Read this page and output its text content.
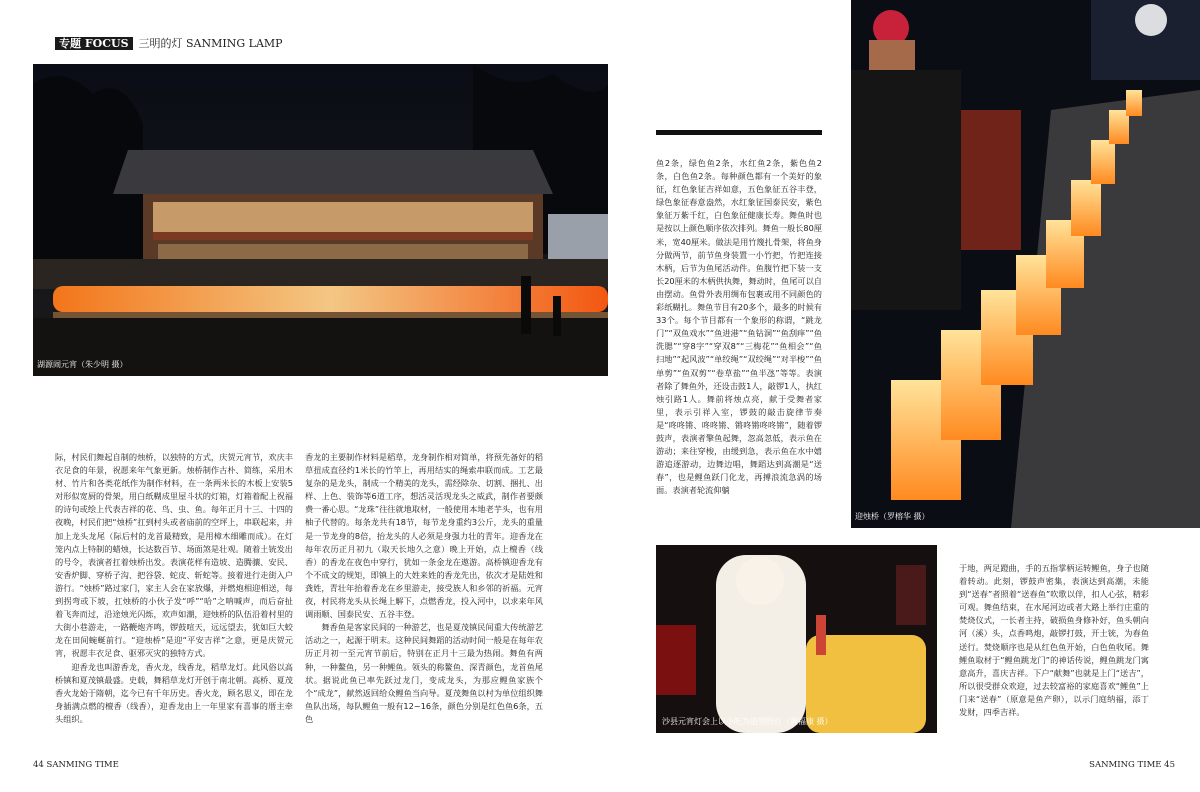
专题 FOCUS 三明的灯 SANMING LAMP
湖源闹元宵（朱少明 摄）
迎烛桥（罗榕华 摄）
沙县元宵灯会上以小吃为造型的灯（黄福康 摄）

际，村民们舞起自制的烛桥，以独特的方式，庆贺元宵节，欢庆丰衣足食的年景，祝愿来年气象更新。烛桥制作古朴、简练，采用木材、竹片和各类花纸作为制作材料，在一条两米长的木板上安装5对形似宽厨的骨架，用白纸糊成里屋斗状的灯箱，灯箱着配上祝福的诗句或绘上代表吉祥的花、鸟、虫、鱼。每年正月十三、十四的夜晚，村民们把“烛桥”扛到村头或者庙前的空坪上，串联起来，并加上龙头龙尾（际后村的龙首最精致，是用樟木细雕而成）。在灯笼内点上特制的蜡烛，长达数百节、场面煞是壮观。随着土铳发出的号令，表演者扛着烛桥出发。表演花样有造坡、造腾骧、安民、安香炉脚、穿桥子沟、把谷袋、蛇皮、斩蛇等。接着进行走街入户游行。“烛桥”路过家门，家主人会在家放爆，并燃炮相迎相送，每到拐弯或下坡，扛烛桥的小伙子发“呼”“哈”之呐喊声，而后奋扯着飞奔而过，沿途烛光闪烁，欢声如潮，迎烛桥的队伍沿着村里的大街小巷游走，一路鞭炮齐鸣，锣鼓喧天，远远望去，犹如巨大蛟龙在田间蜿蜒前行。“迎烛桥”是迎“平安吉祥”之意，更是庆贺元宵，祝愿丰衣足食、驱邪灭灾的独特方式。

迎香龙也叫游香龙，香火龙，线香龙，稻草龙灯。此风俗以高桥镇和夏茂镇最盛。史载，舞稻草龙灯开创于南北朝。高桥、夏茂香火龙始于隋朝，迄今已有千年历史。香火龙，顾名思义，即在龙身插满点燃的檀香（线香），迎香龙由上一年里家有喜事的厝主牵头组织。

香龙的主要制作材料是稻草，龙身制作相对简单，将预先备好的稻草扭成直径约1米长的竹竿上，再用结实的绳索串联而成。工艺最复杂的是龙头，制成一个精美的龙头，需经除杂、切割、捆扎、出样、上色、装饰等6道工序，想活灵活现龙头之威武，制作者要颇费一番心思。“龙珠”往往就地取材，一般使用本地老芋头，也有用柚子代替的。每条龙共有18节，每节龙身重约3公斤，龙头的重量是一节龙身的8倍，抬龙头的人必须是身强力壮的青年。迎香龙在每年农历正月初九（取天长地久之意）晚上开始，点上檀香（线香）的香龙在夜色中穿行，犹如一条金龙在遨游。高桥镇迎香龙有个不成文的规矩，即镇上的大姓来姓的香龙先出，依次才是陆姓和龚姓，青壮年抬着香龙在乡里游走，接受族人和乡邻的祈福。元宵夜，村民将龙头从长绳上解下，点燃香龙，投入河中，以求来年风调雨顺、国泰民安、五谷丰登。

舞香鱼是客家民间的一种游艺，也是夏茂镇民间重大传统游艺活动之一，起源于明末。这种民间舞蹈的活动时间一般是在每年农历正月初一至元宵节前后，特别在正月十三最为热闹。舞鱼有两种，一种鳌鱼，另一种鲤鱼。领头的称鳌鱼、深青颜色，龙首鱼尾状。据说此鱼已率先跃过龙门，变成龙头，为那应鲤鱼家族个个“成龙”，献然返回给众鲤鱼当向导。夏茂舞鱼以村为单位组织舞鱼队出场，每队鲤鱼一般有12~16条，颜色分别是红色鱼6条，五色

鱼2条，绿色鱼2条，水红鱼2条，紫色鱼2条，白色鱼2条。每种颜色都有一个美好的象征，红色象征吉祥如意，五色象征五谷丰登，绿色象征春意盎然，水红象征国泰民安，紫色象征万紫千红，白色象征健康长寿。舞鱼时也是按以上颜色顺序依次排列。舞鱼一般长80厘米，宽40厘米。做法是用竹篾扎骨架，将鱼身分做两节，前节鱼身装置一小竹把，竹把连接木柄，后节为鱼尾活动件。鱼腹竹把下装一支长20厘米的木柄供执舞，舞动时，鱼尾可以自由摆动。鱼骨外表用绸布包裹或用不同颜色的彩纸糊扎。舞鱼节目有20多个，最多的时候有33个。每个节目都有一个象形的称谓，“跳龙门”“双鱼戏水”“鱼进港”“鱼钻洞”“鱼刮痒”“鱼洗腮”“穿8字”“穿双8”“三梅花”“鱼相会”“鱼扫地”“起风波”“单绞绳”“双绞绳”“对半梭”“鱼单剪”“鱼双剪”“卷草盐”“鱼半氹”等等。表演者除了舞鱼外，还设击鼓1人，敲锣1人，执红烛引路1人。舞前将烛点亮，献于受舞者家里，表示引祥入室，锣鼓的敲击旋律节奏是“咚咚锵、咚咚锵、锵咚锵咚咚锵”，随着锣鼓声，表演者擎鱼起舞，忽高忽低，表示鱼在游动；来往穿梭，由缓到急，表示鱼在水中嬉游追逐游动，边舞边唱，舞蹈达到高潮是“送春”，也是鲤鱼跃门化龙，再搏浪流急涡的场面。表演者轮流仰躺

于地，两足蹬曲，手的五指掌柄运转鲤鱼，身子也随着转动。此刻，锣鼓声密集，表演达到高潮，未能到“送春”者照着“送春鱼”吹歌以伴，扣人心弦，精彩可观。舞鱼结束，在水尾河边或者大路上举行庄重的焚烧仪式，一长者主持，破损鱼身修补好，鱼头朝向河（溪）头，点香鸣炮，敲锣打鼓，开土铳，为春鱼送行。焚烧顺序也是从红色鱼开始，白色鱼收尾。舞鲤鱼取材于“鲤鱼跳龙门”的神话传说，鲤鱼跳龙门寓意高升，喜庆吉祥。下户“献舞”也就是上门“送吉”，所以很受群众欢迎，过去较富裕的家庭喜欢“鲤鱼”上门来“送春”（原意是鱼产卵），以示门庭纳福，添丁发财，四季吉祥。

44 SANMING TIME	SANMING TIME 45
